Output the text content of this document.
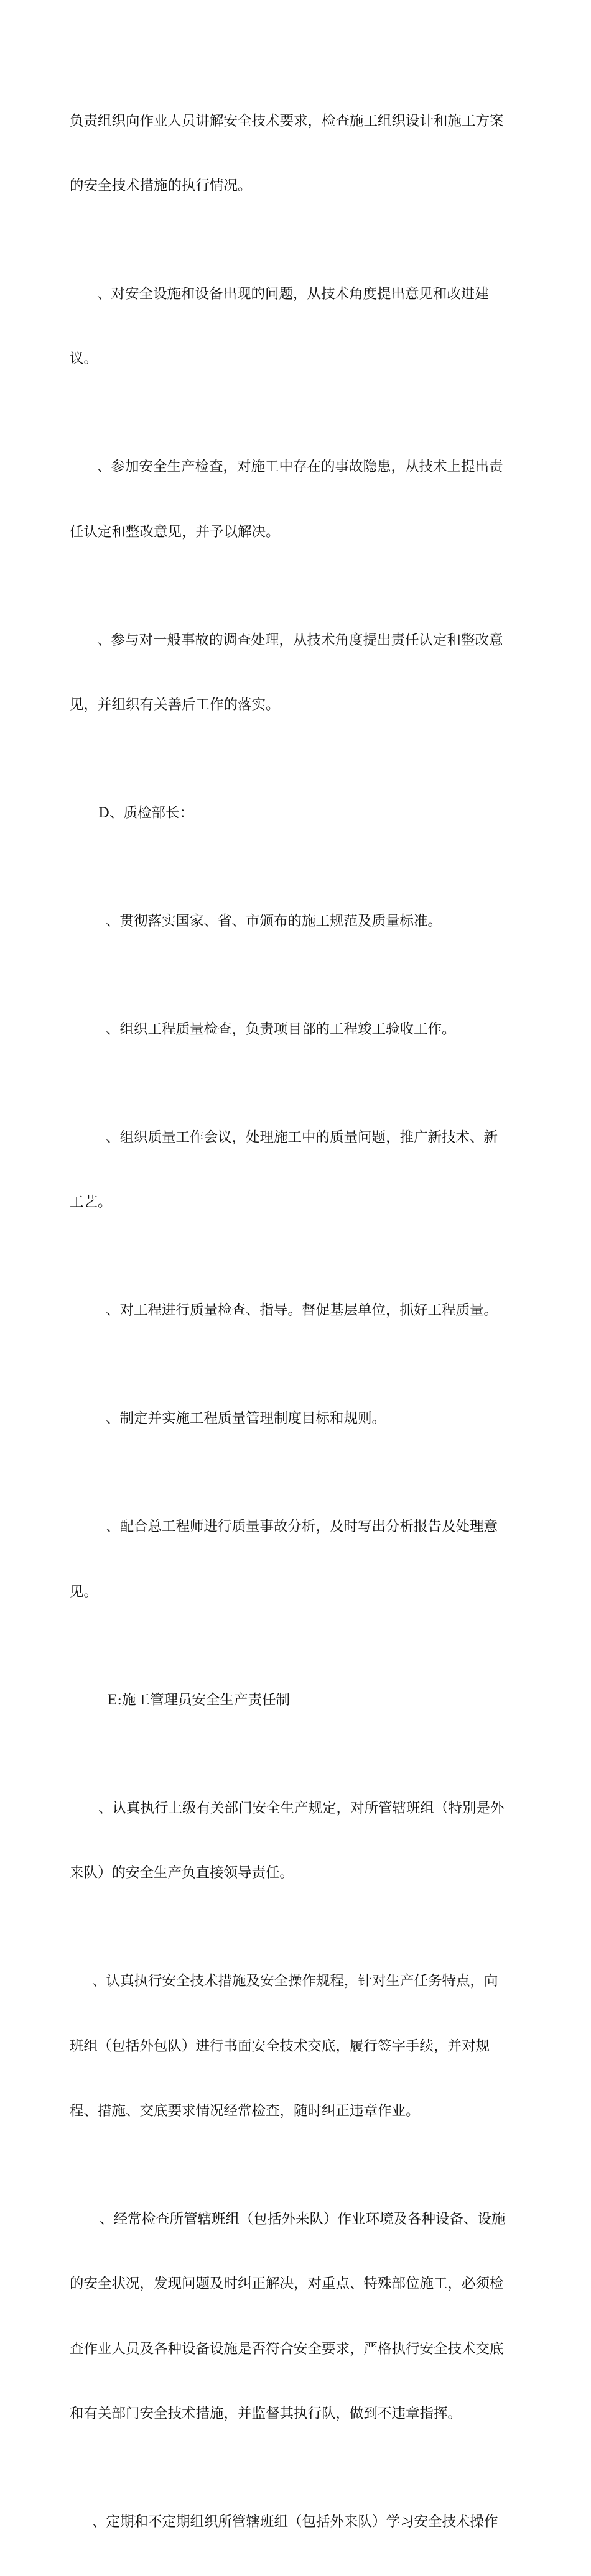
负责组织向作业人员讲解安全技术要求，检查施工组织设计和施工方案

的安全技术措施的执行情况。

、对安全设施和设备出现的问题，从技术角度提出意见和改进建

议。

、参加安全生产检查，对施工中存在的事故隐患，从技术上提出责

任认定和整改意见，并予以解决。

、参与对一般事故的调查处理，从技术角度提出责任认定和整改意

见，并组织有关善后工作的落实。

D、质检部长：

、贯彻落实国家、省、市颁布的施工规范及质量标准。

、组织工程质量检查，负责项目部的工程竣工验收工作。

、组织质量工作会议，处理施工中的质量问题，推广新技术、新

工艺。

、对工程进行质量检查、指导。督促基层单位，抓好工程质量。

、制定并实施工程质量管理制度目标和规则。

、配合总工程师进行质量事故分析，及时写出分析报告及处理意

见。

E:施工管理员安全生产责任制

、认真执行上级有关部门安全生产规定，对所管辖班组（特别是外

来队）的安全生产负直接领导责任。

、认真执行安全技术措施及安全操作规程，针对生产任务特点，向

班组（包括外包队）进行书面安全技术交底，履行签字手续，并对规

程、措施、交底要求情况经常检查，随时纠正违章作业。

、经常检查所管辖班组（包括外来队）作业环境及各种设备、设施

的安全状况，发现问题及时纠正解决，对重点、特殊部位施工，必须检

查作业人员及各种设备设施是否符合安全要求，严格执行安全技术交底

和有关部门安全技术措施，并监督其执行队，做到不违章指挥。

、定期和不定期组织所管辖班组（包括外来队）学习安全技术操作
